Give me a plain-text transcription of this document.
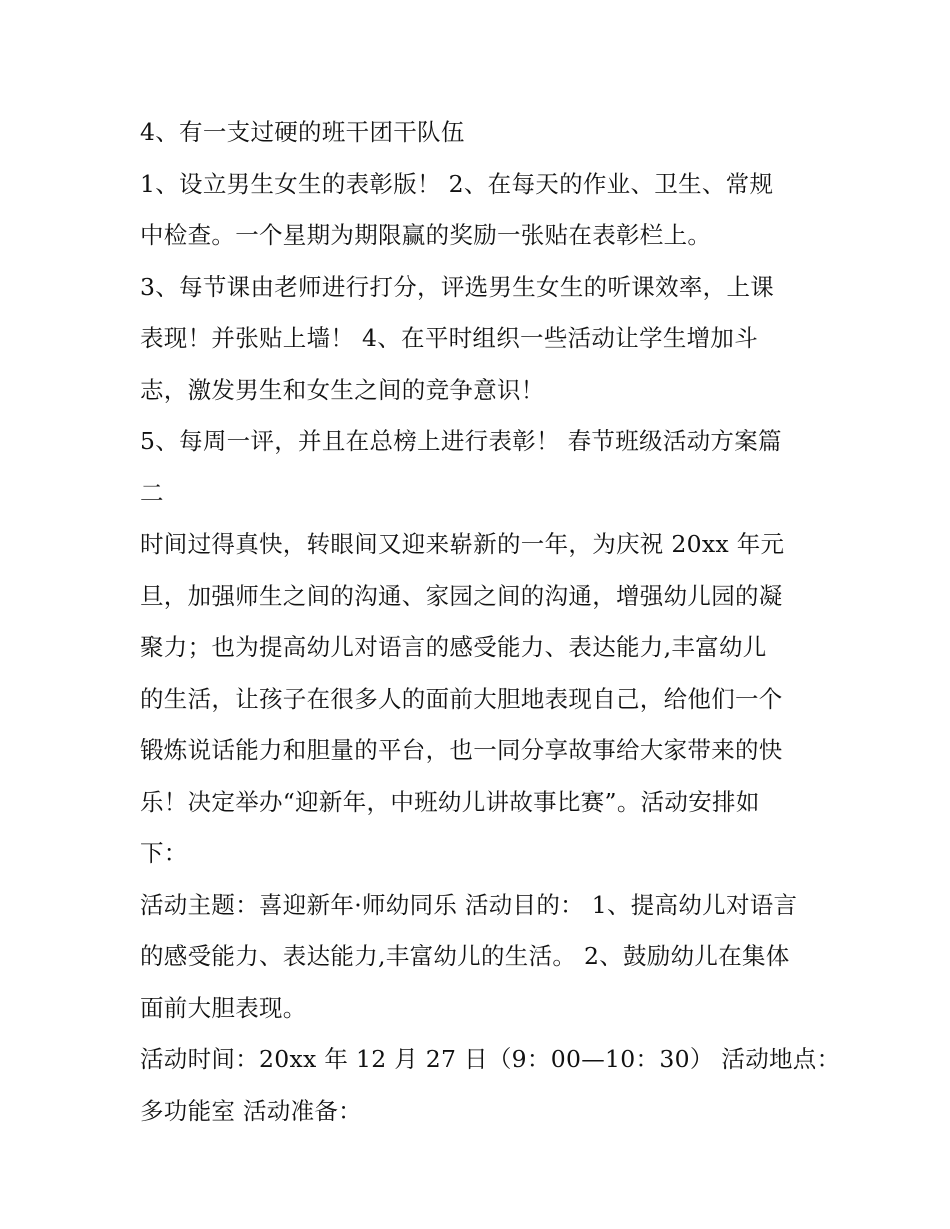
4、有一支过硬的班干团干队伍
1、设立男生女生的表彰版！ 2、在每天的作业、卫生、常规
中检查。一个星期为期限赢的奖励一张贴在表彰栏上。
3、每节课由老师进行打分，评选男生女生的听课效率，上课
表现！并张贴上墙！ 4、在平时组织一些活动让学生增加斗
志，激发男生和女生之间的竞争意识！
5、每周一评，并且在总榜上进行表彰！ 春节班级活动方案篇
二
时间过得真快，转眼间又迎来崭新的一年，为庆祝 20xx 年元
旦，加强师生之间的沟通、家园之间的沟通，增强幼儿园的凝
聚力；也为提高幼儿对语言的感受能力、表达能力,丰富幼儿
的生活，让孩子在很多人的面前大胆地表现自己，给他们一个
锻炼说话能力和胆量的平台，也一同分享故事给大家带来的快
乐！决定举办“迎新年，中班幼儿讲故事比赛”。活动安排如
下：
活动主题：喜迎新年·师幼同乐 活动目的： 1、提高幼儿对语言
的感受能力、表达能力,丰富幼儿的生活。 2、鼓励幼儿在集体
面前大胆表现。
活动时间：20xx 年 12 月 27 日（9：00—10：30） 活动地点：
多功能室 活动准备：
